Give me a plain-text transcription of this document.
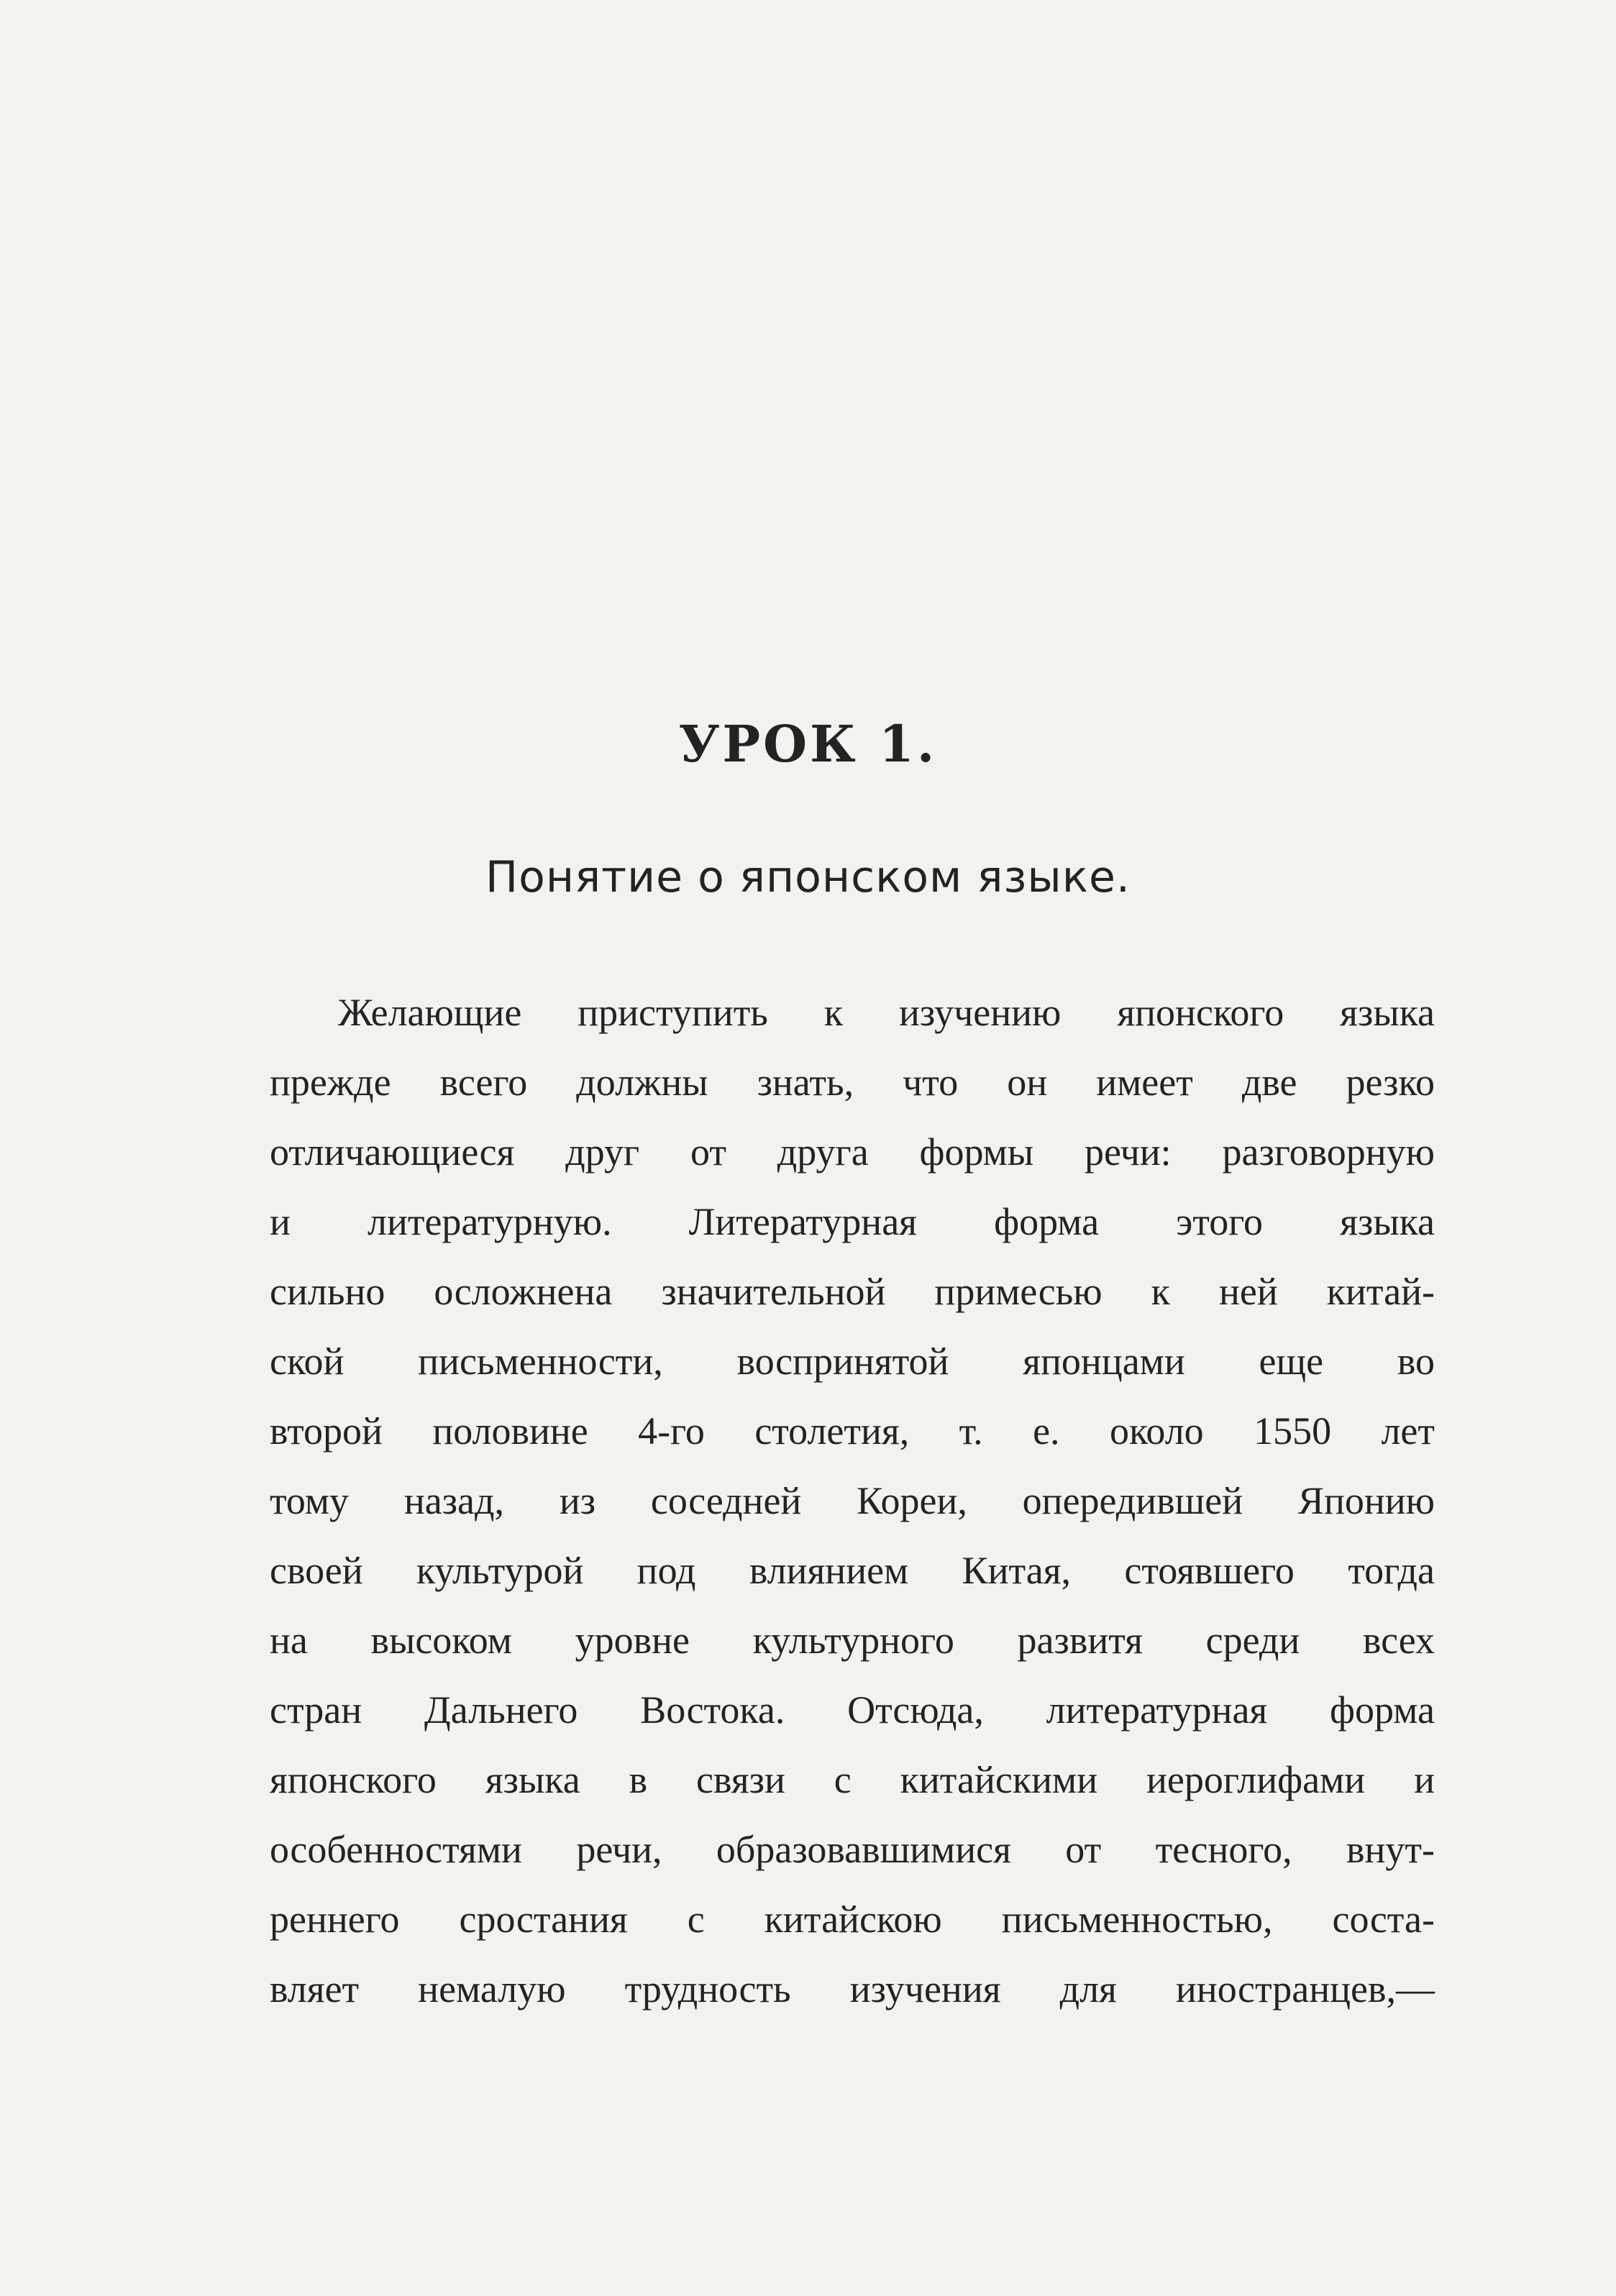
УРОК 1.
Понятие о японском языке.
Желающие приступить к изучению японского языка
прежде всего должны знать, что он имеет две резко
отличающиеся друг от друга формы речи: разговорную
и литературную. Литературная форма этого языка
сильно осложнена значительной примесью к ней китай-
ской письменности, воспринятой японцами еще во
второй половине 4-го столетия, т. е. около 1550 лет
тому назад, из соседней Кореи, опередившей Японию
своей культурой под влиянием Китая, стоявшего тогда
на высоком уровне культурного развитя среди всех
стран Дальнего Востока. Отсюда, литературная форма
японского языка в связи с китайскими иероглифами и
особенностями речи, образовавшимися от тесного, внут-
реннего сростания с китайскою письменностью, соста-
вляет немалую трудность изучения для иностранцев,—
